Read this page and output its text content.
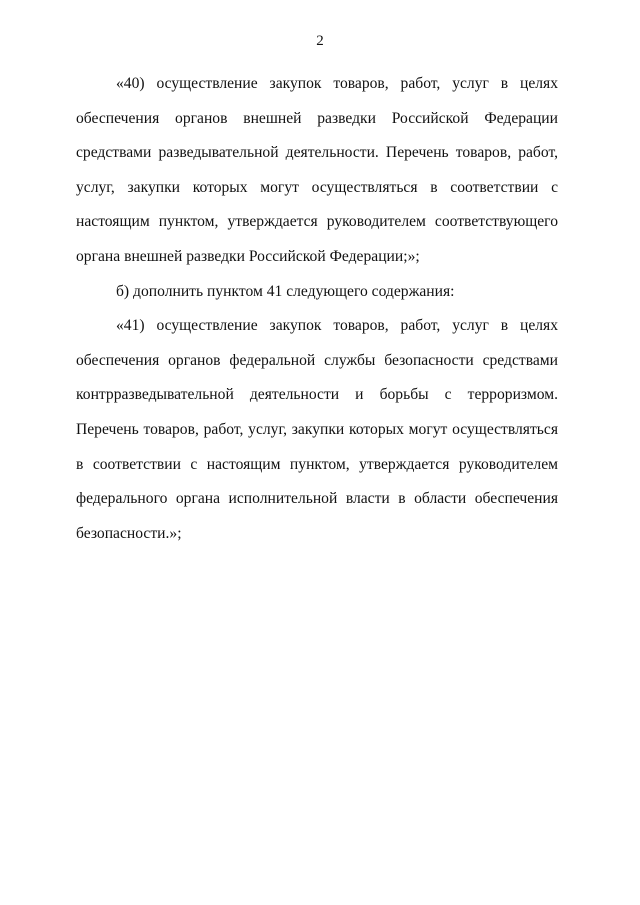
2

«40) осуществление закупок товаров, работ, услуг в целях обеспечения органов внешней разведки Российской Федерации средствами разведывательной деятельности. Перечень товаров, работ, услуг, закупки которых могут осуществляться в соответствии с настоящим пунктом, утверждается руководителем соответствующего органа внешней разведки Российской Федерации;»;

б) дополнить пунктом 41 следующего содержания:

«41) осуществление закупок товаров, работ, услуг в целях обеспечения органов федеральной службы безопасности средствами контрразведывательной деятельности и борьбы с терроризмом. Перечень товаров, работ, услуг, закупки которых могут осуществляться в соответствии с настоящим пунктом, утверждается руководителем федерального органа исполнительной власти в области обеспечения безопасности.»;
